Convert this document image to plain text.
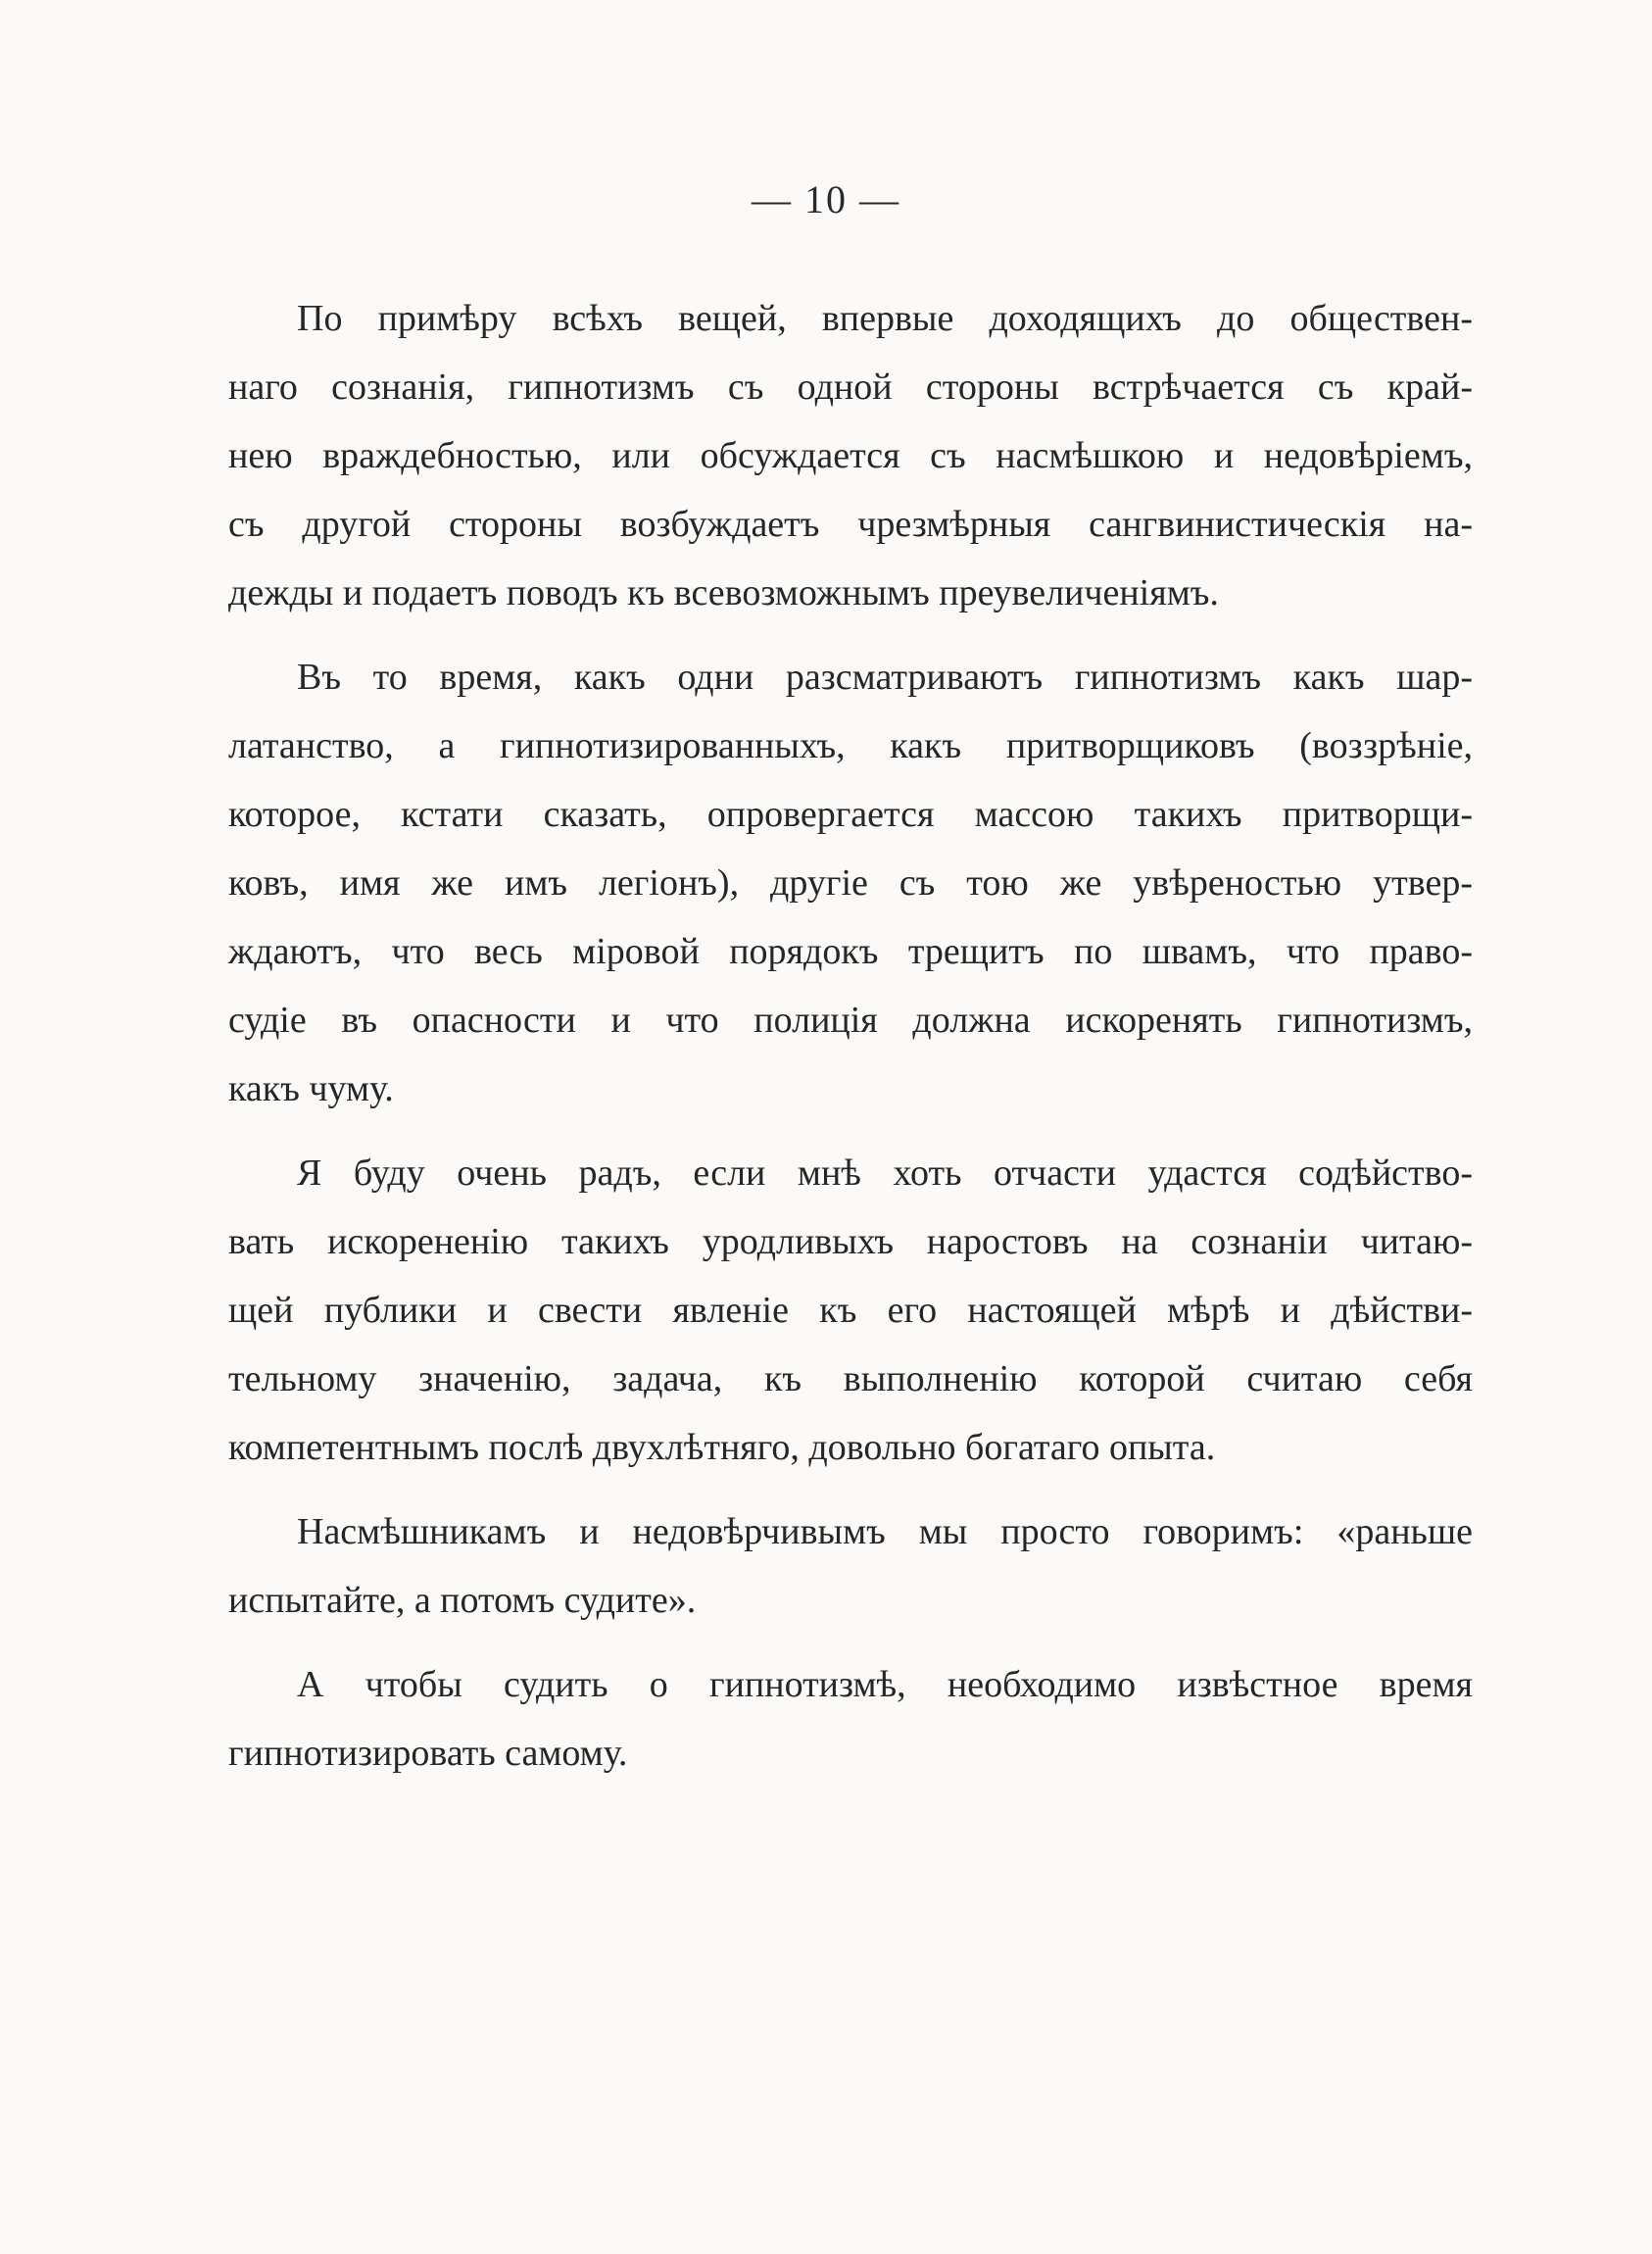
— 10 —
По примѣру всѣхъ вещей, впервые доходящихъ до обществен-
наго сознанія, гипнотизмъ съ одной стороны встрѣчается съ край-
нею враждебностью, или обсуждается съ насмѣшкою и недовѣріемъ,
съ другой стороны возбуждаетъ чрезмѣрныя сангвинистическія на-
дежды и подаетъ поводъ къ всевозможнымъ преувеличеніямъ.
Въ то время, какъ одни разсматриваютъ гипнотизмъ какъ шар-
латанство, а гипнотизированныхъ, какъ притворщиковъ (воззрѣніе,
которое, кстати сказать, опровергается массою такихъ притворщи-
ковъ, имя же имъ легіонъ), другіе съ тою же увѣреностью утвер-
ждаютъ, что весь міровой порядокъ трещитъ по швамъ, что право-
судіе въ опасности и что полиція должна искоренять гипнотизмъ,
какъ чуму.
Я буду очень радъ, если мнѣ хоть отчасти удастся содѣйство-
вать искорененію такихъ уродливыхъ наростовъ на сознаніи читаю-
щей публики и свести явленіе къ его настоящей мѣрѣ и дѣйстви-
тельному значенію, задача, къ выполненію которой считаю себя
компетентнымъ послѣ двухлѣтняго, довольно богатаго опыта.
Насмѣшникамъ и недовѣрчивымъ мы просто говоримъ: «раньше
испытайте, а потомъ судите».
А чтобы судить о гипнотизмѣ, необходимо извѣстное время
гипнотизировать самому.
